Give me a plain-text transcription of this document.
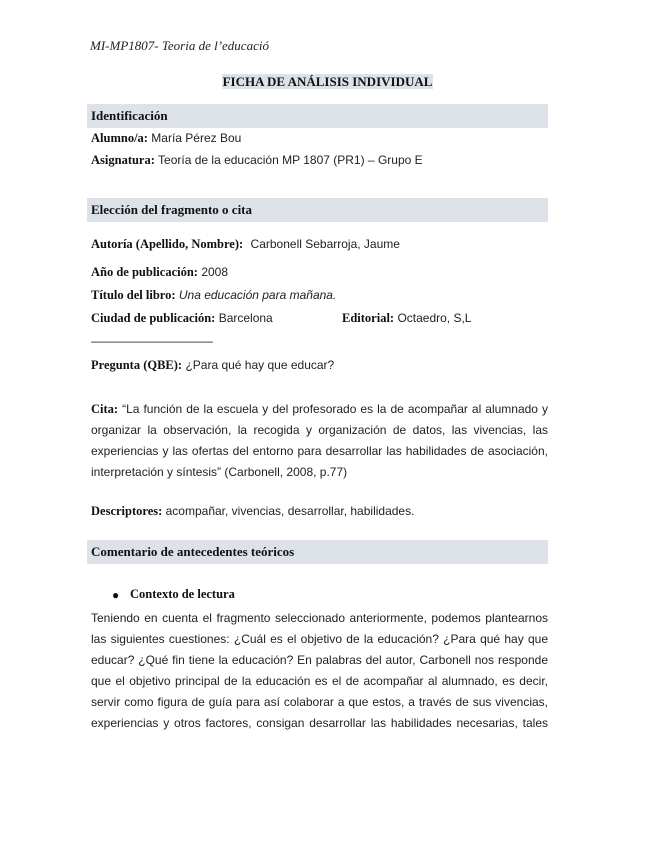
MI-MP1807- Teoria de l’educació
FICHA DE ANÁLISIS INDIVIDUAL
Identificación
Alumno/a: María Pérez Bou
Asignatura: Teoría de la educación MP 1807 (PR1) – Grupo E
Elección del fragmento o cita
Autoría (Apellido, Nombre): Carbonell Sebarroja, Jaume
Año de publicación: 2008
Título del libro: Una educación para mañana.
Ciudad de publicación: Barcelona	Editorial: Octaedro, S,L
———————————
Pregunta (QBE): ¿Para qué hay que educar?
Cita: “La función de la escuela y del profesorado es la de acompañar al alumnado y
organizar la observación, la recogida y organización de datos, las vivencias, las
experiencias y las ofertas del entorno para desarrollar las habilidades de asociación,
interpretación y síntesis” (Carbonell, 2008, p.77)
Descriptores: acompañar, vivencias, desarrollar, habilidades.
Comentario de antecedentes teóricos
● Contexto de lectura
Teniendo en cuenta el fragmento seleccionado anteriormente, podemos plantearnos
las siguientes cuestiones: ¿Cuál es el objetivo de la educación? ¿Para qué hay que
educar? ¿Qué fin tiene la educación? En palabras del autor, Carbonell nos responde
que el objetivo principal de la educación es el de acompañar al alumnado, es decir,
servir como figura de guía para así colaborar a que estos, a través de sus vivencias,
experiencias y otros factores, consigan desarrollar las habilidades necesarias, tales
